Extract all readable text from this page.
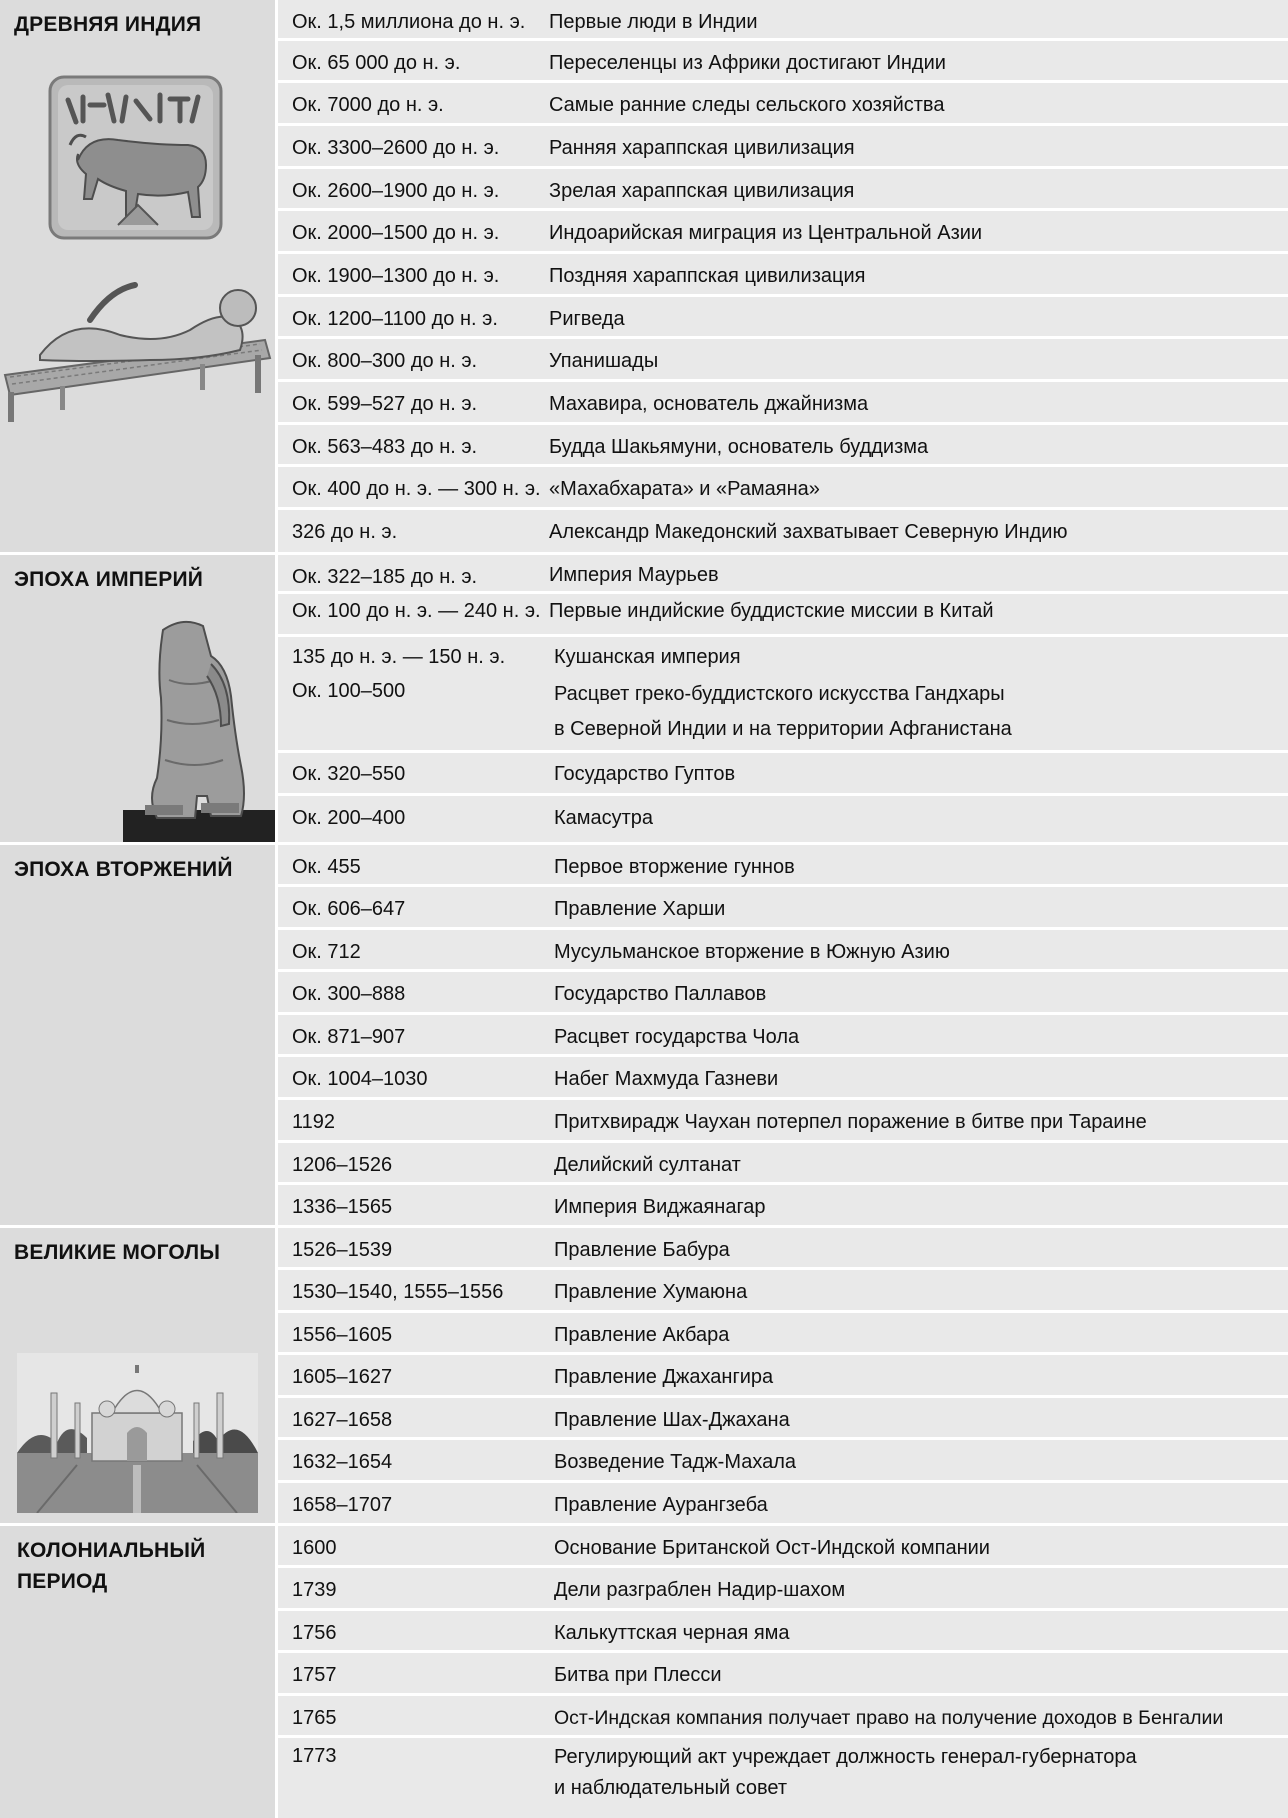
ДРЕВНЯЯ ИНДИЯ	Ок. 1,5 миллиона до н. э. Первые люди в Индии
Ок. 65 000 до н. э.	Переселенцы из Африки достигают Индии
Ок. 7000 до н. э.	Самые ранние следы сельского хозяйства
Ок. 3300–2600 до н. э. Ранняя хараппская цивилизация
Ок. 2600–1900 до н. э. Зрелая хараппская цивилизация
Ок. 2000–1500 до н. э. Индоарийская миграция из Центральной Азии
Ок. 1900–1300 до н. э. Поздняя хараппская цивилизация
Ок. 1200–1100 до н. э.	Ригведа
Ок. 800–300 до н. э.	Упанишады
Ок. 599–527 до н. э.	Махавира, основатель джайнизма
Ок. 563–483 до н. э.	Будда Шакьямуни, основатель буддизма
Ок. 400 до н. э. — 300 н. э. «Махабхарата» и «Рамаяна»
326 до н. э.	Александр Македонский захватывает Северную Индию
ЭПОХА ИМПЕРИЙ	Ок. 322–185 до н. э.	Империя Маурьев
Ок. 100 до н. э. — 240 н. э. Первые индийские буддистские миссии в Китай
135 до н. э. — 150 н. э. Кушанская империя
Ок. 100–500	Расцвет греко-буддистского искусства Гандхары
в Северной Индии и на территории Афганистана
Ок. 320–550	Государство Гуптов
Ок. 200–400	Камасутра
ЭПОХА ВТОРЖЕНИЙ	Ок. 455	Первое вторжение гуннов
Ок. 606–647	Правление Харши
Ок. 712	Мусульманское вторжение в Южную Азию
Ок. 300–888	Государство Паллавов
Ок. 871–907	Расцвет государства Чола
Ок. 1004–1030	Набег Махмуда Газневи
1192	Притхвирадж Чаухан потерпел поражение в битве при Тараине
1206–1526	Делийский султанат
1336–1565	Империя Виджаянагар
ВЕЛИКИЕ МОГОЛЫ	1526–1539	Правление Бабура
1530–1540, 1555–1556	Правление Хумаюна
1556–1605	Правление Акбара
1605–1627	Правление Джахангира
1627–1658	Правление Шах-Джахана
1632–1654	Возведение Тадж-Махала
1658–1707	Правление Аурангзеба
КОЛОНИАЛЬНЫЙ
ПЕРИОД
1600	Основание Британской Ост-Индской компании
1739	Дели разграблен Надир-шахом
1756	Калькуттская черная яма
1757	Битва при Плесси
1765	Ост-Индская компания получает право на получение доходов в Бенгалии
1773	Регулирующий акт учреждает должность генерал-губернатора
и наблюдательный совет
